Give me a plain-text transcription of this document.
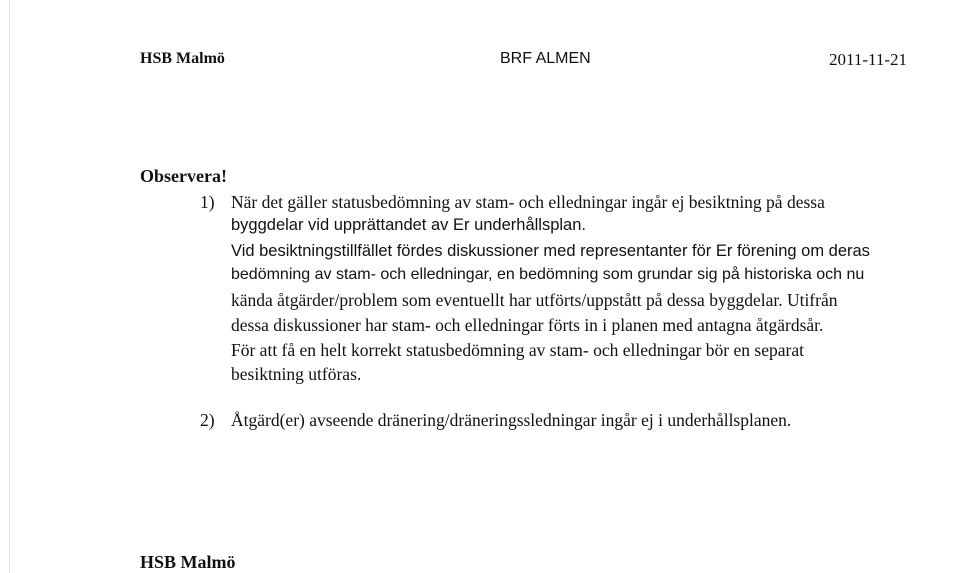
HSB Malmö	BRF ALMEN	2011-11-21
Observera!
1) När det gäller statusbedömning av stam- och elledningar ingår ej besiktning på dessa
byggdelar vid upprättandet av Er underhållsplan.
Vid besiktningstillfället fördes diskussioner med representanter för Er förening om deras
bedömning av stam- och elledningar, en bedömning som grundar sig på historiska och nu
kända åtgärder/problem som eventuellt har utförts/uppstått på dessa byggdelar. Utifrån
dessa diskussioner har stam- och elledningar förts in i planen med antagna åtgärdsår.
För att få en helt korrekt statusbedömning av stam- och elledningar bör en separat
besiktning utföras.
2) Åtgärd(er) avseende dränering/dräneringssledningar ingår ej i underhållsplanen.
HSB Malmö
